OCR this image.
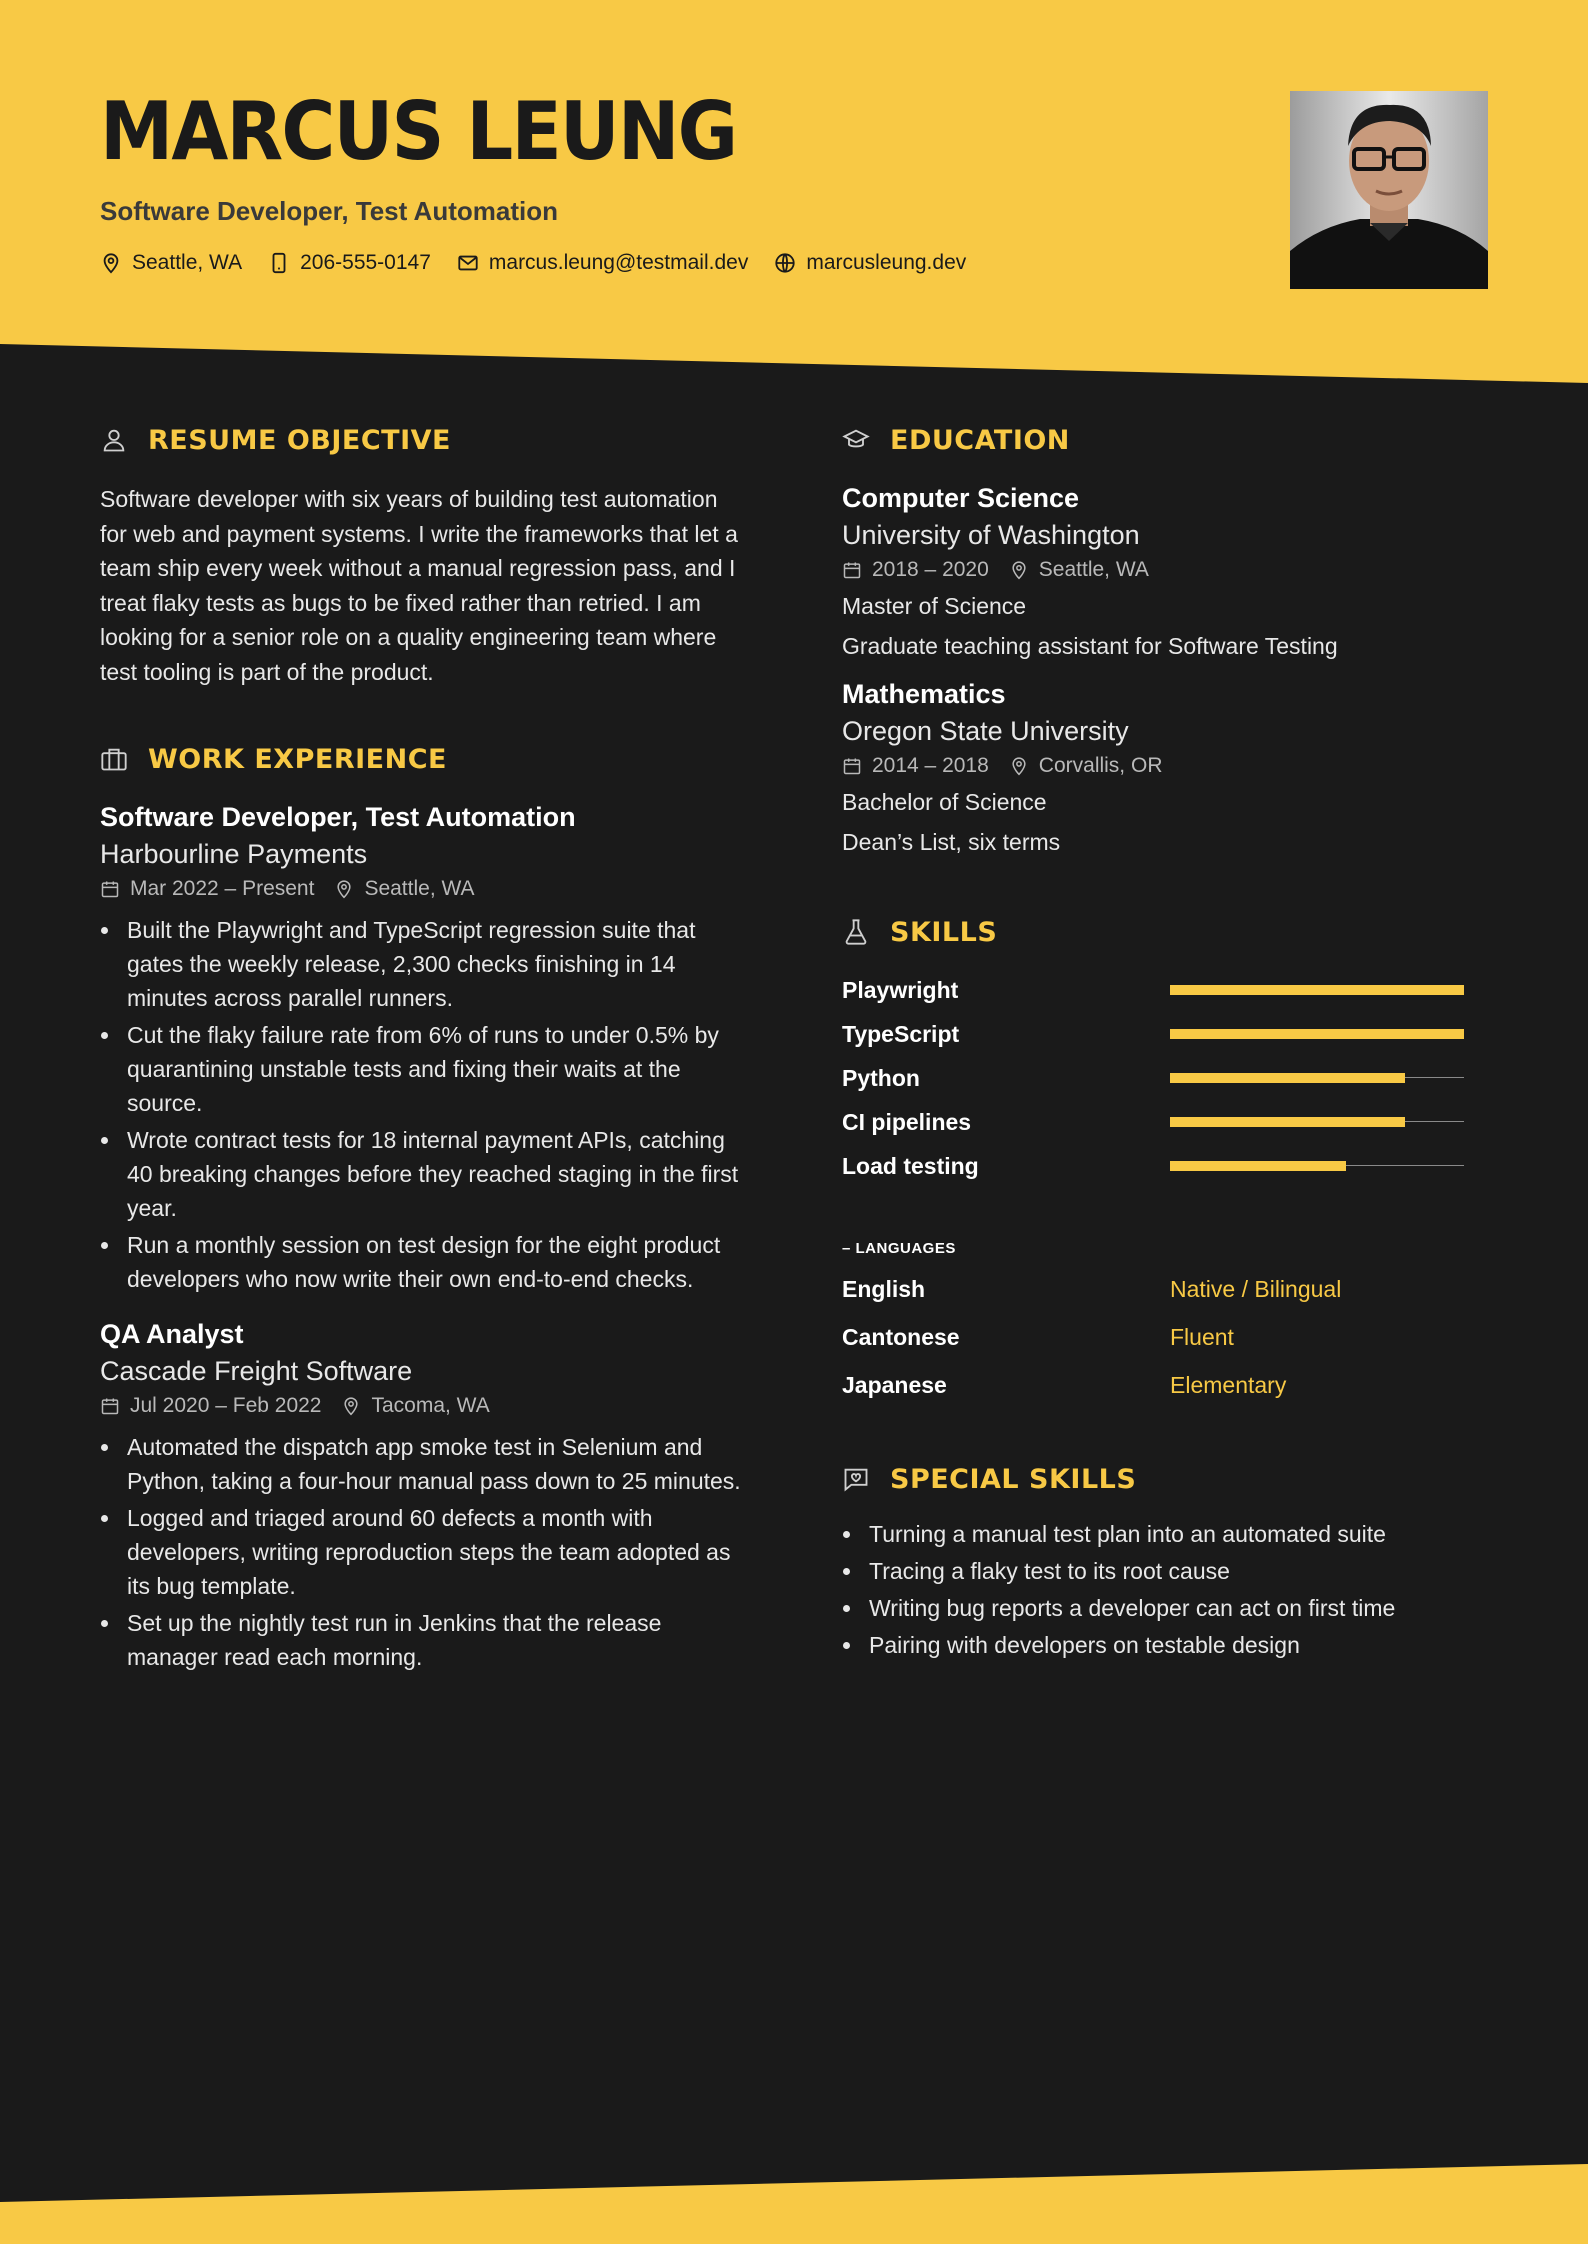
MARCUS LEUNG
Software Developer, Test Automation
Seattle, WA	206-555-0147	marcus.leung@testmail.dev	marcusleung.dev
RESUME OBJECTIVE

Software developer with six years of building test automation for web and payment systems. I write the frameworks that let a team ship every week without a manual regression pass, and I treat flaky tests as bugs to be fixed rather than retried. I am looking for a senior role on a quality engineering team where test tooling is part of the product.

WORK EXPERIENCE
Software Developer, Test Automation
Harbourline Payments
Mar 2022 – Present Seattle, WA
Built the Playwright and TypeScript regression suite that gates the weekly release, 2,300 checks finishing in 14 minutes across parallel runners.
Cut the flaky failure rate from 6% of runs to under 0.5% by quarantining unstable tests and fixing their waits at the source.
Wrote contract tests for 18 internal payment APIs, catching 40 breaking changes before they reached staging in the first year.
Run a monthly session on test design for the eight product developers who now write their own end-to-end checks.
QA Analyst
Cascade Freight Software
Jul 2020 – Feb 2022 Tacoma, WA
Automated the dispatch app smoke test in Selenium and Python, taking a four-hour manual pass down to 25 minutes.
Logged and triaged around 60 defects a month with developers, writing reproduction steps the team adopted as its bug template.
Set up the nightly test run in Jenkins that the release manager read each morning.
EDUCATION
Computer Science
University of Washington
2018 – 2020 Seattle, WA
Master of Science
Graduate teaching assistant for Software Testing
Mathematics
Oregon State University
2014 – 2018 Corvallis, OR
Bachelor of Science
Dean’s List, six terms
SKILLS
Playwright
TypeScript
Python
CI pipelines
Load testing
– LANGUAGES
English	Native / Bilingual
Cantonese	Fluent
Japanese	Elementary
SPECIAL SKILLS
Turning a manual test plan into an automated suite
Tracing a flaky test to its root cause
Writing bug reports a developer can act on first time
Pairing with developers on testable design
